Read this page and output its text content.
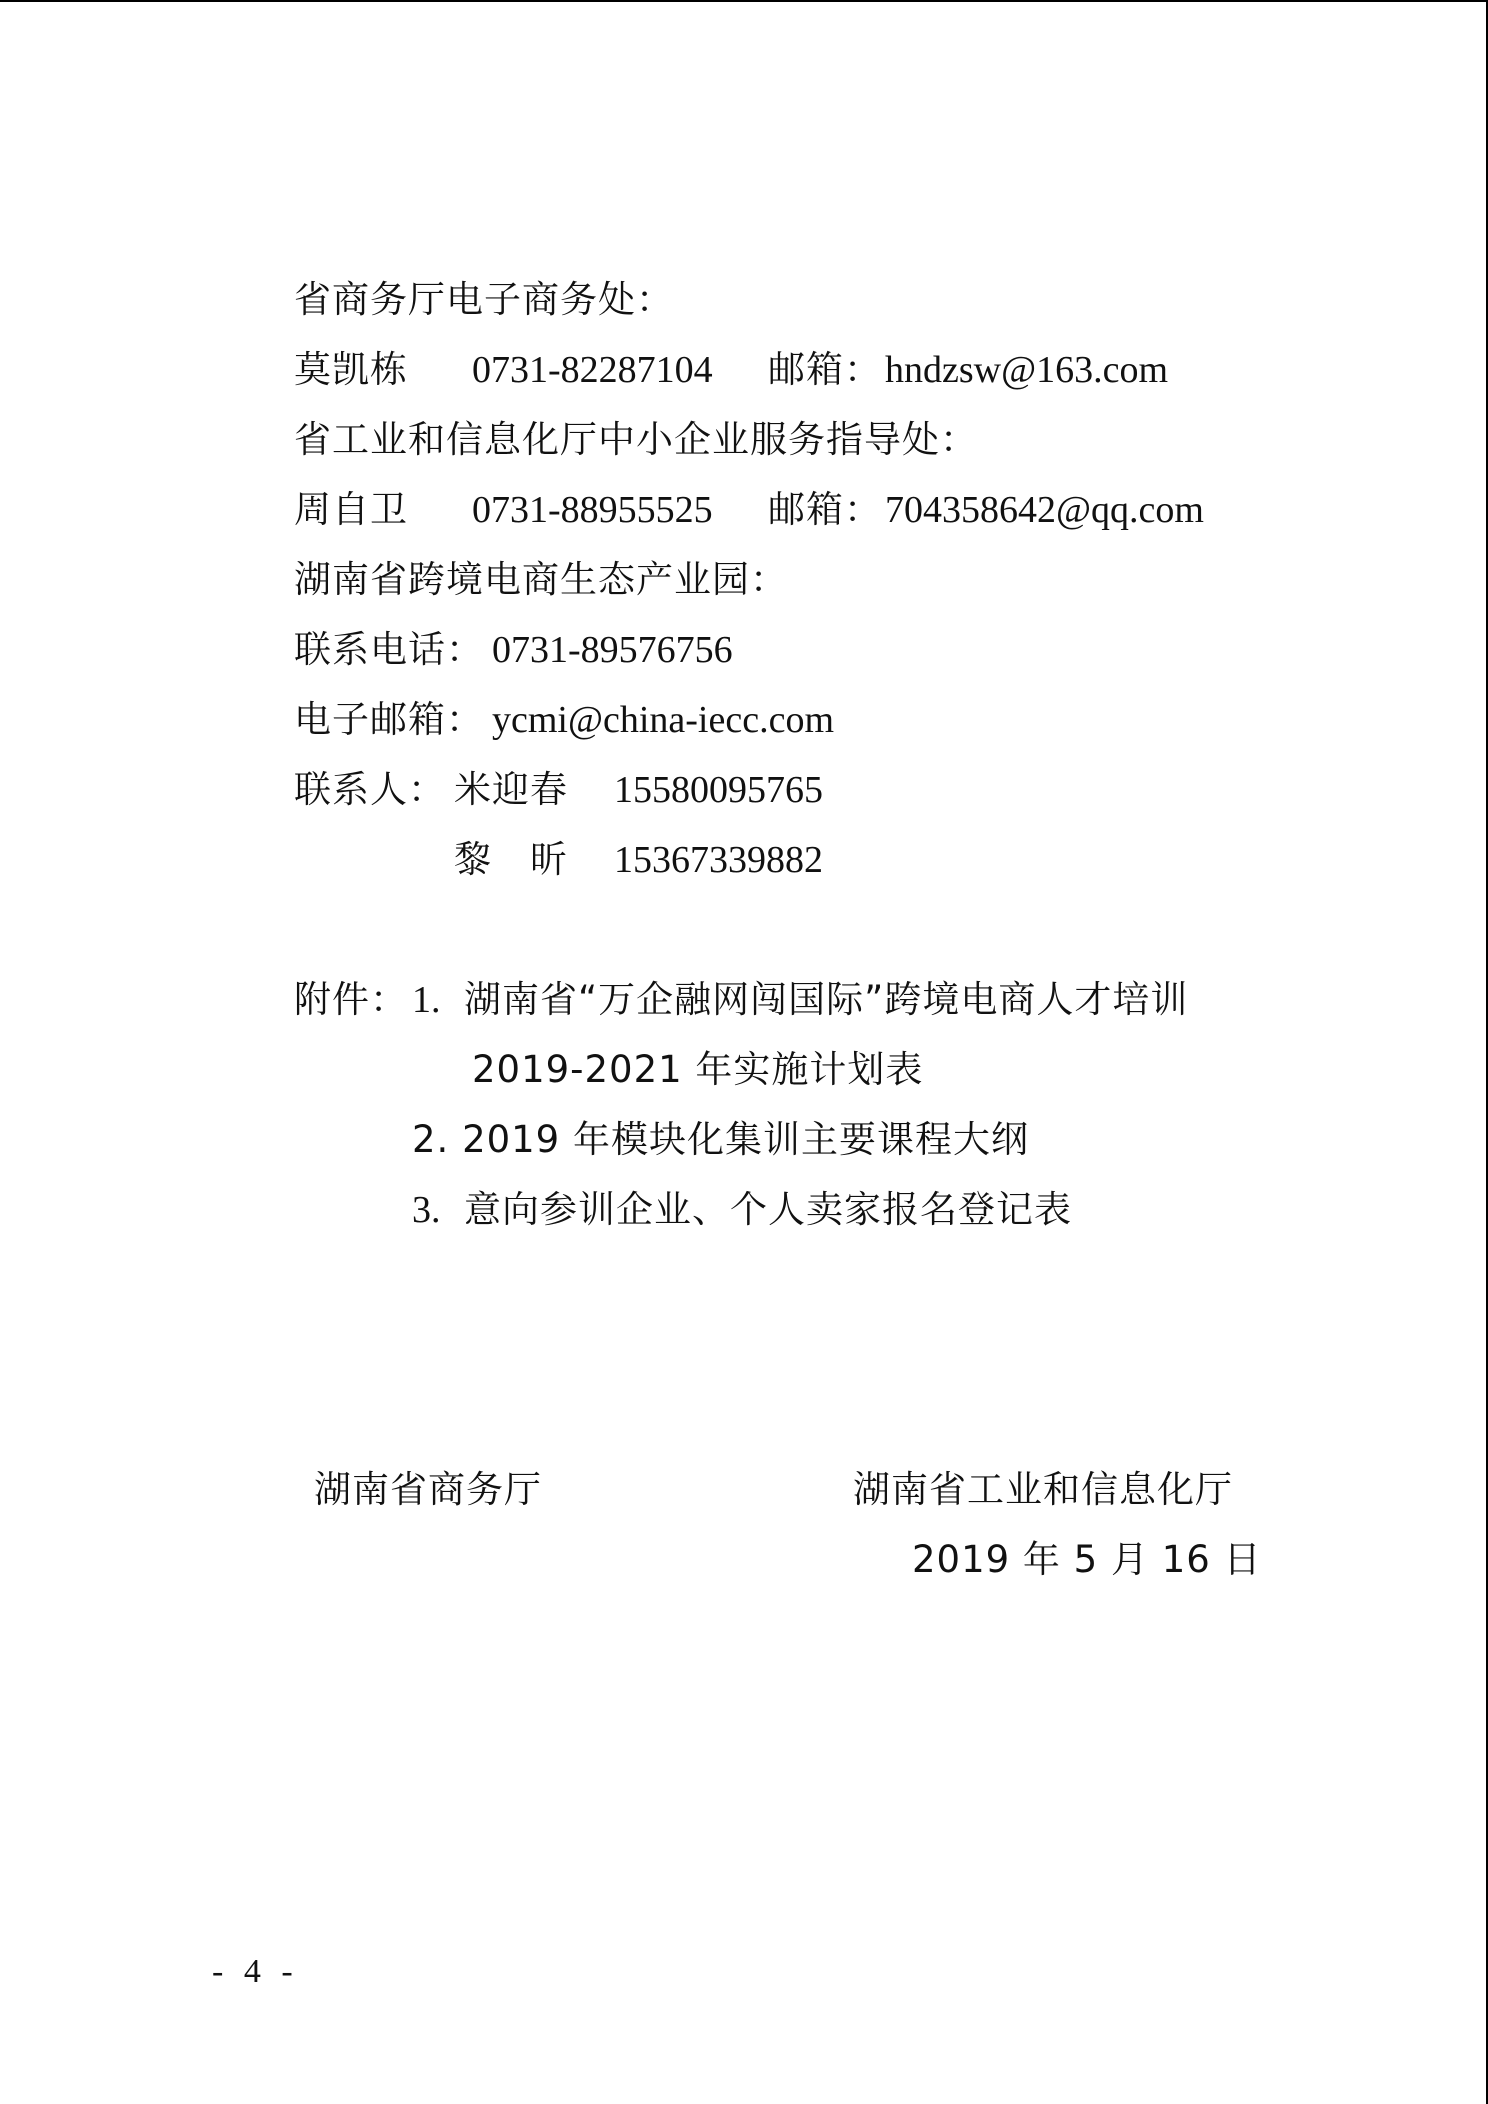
省商务厅电子商务处：
莫凯栋 0731-82287104 邮箱： hndzsw@163.com
省工业和信息化厅中小企业服务指导处：
周自卫 0731-88955525 邮箱： 704358642@qq.com
湖南省跨境电商生态产业园：
联系电话： 0731-89576756
电子邮箱： ycmi@china-iecc.com
联系人： 米迎春 15580095765
黎　昕 15367339882
附件： 1. 湖南省“万企融网闯国际”跨境电商人才培训
2019-2021 年实施计划表
2. 2019 年模块化集训主要课程大纲
3. 意向参训企业、个人卖家报名登记表
湖南省商务厅	湖南省工业和信息化厅
2019 年 5 月 16 日
- 4 -
